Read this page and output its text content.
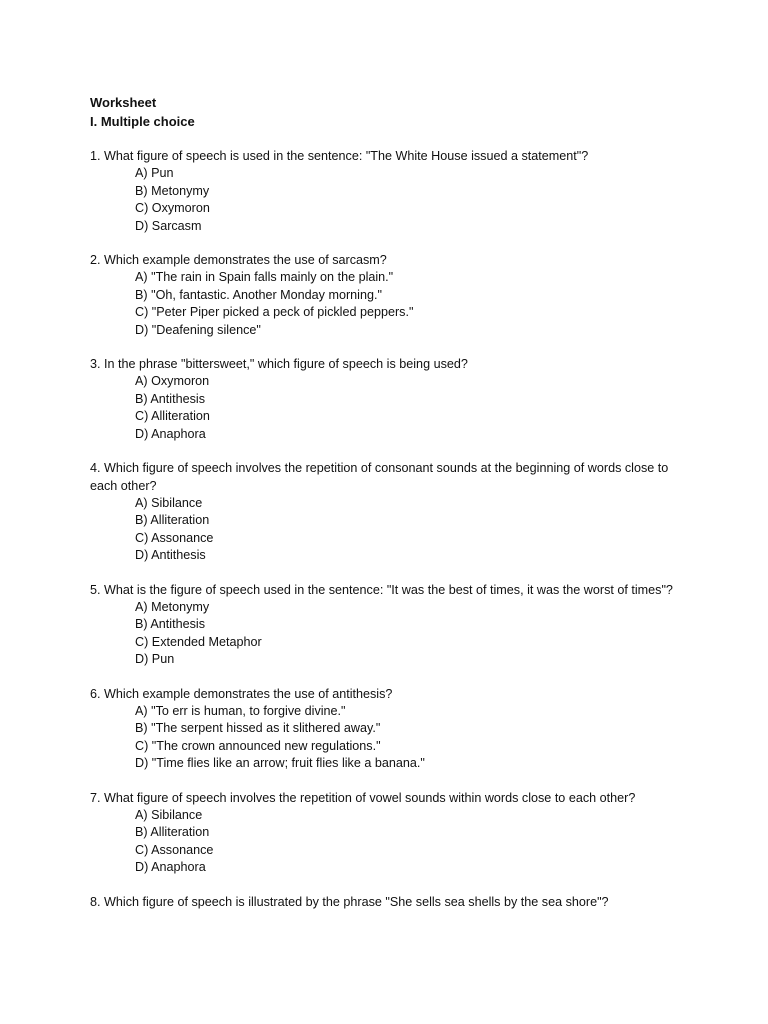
Worksheet

I. Multiple choice

1. What figure of speech is used in the sentence: "The White House issued a statement"?

A) Pun
B) Metonymy
C) Oxymoron
D) Sarcasm

2. Which example demonstrates the use of sarcasm?

A) "The rain in Spain falls mainly on the plain."
B) "Oh, fantastic. Another Monday morning."
C) "Peter Piper picked a peck of pickled peppers."
D) "Deafening silence"

3. In the phrase "bittersweet," which figure of speech is being used?

A) Oxymoron
B) Antithesis
C) Alliteration
D) Anaphora

4. Which figure of speech involves the repetition of consonant sounds at the beginning of words close to each other?

A) Sibilance
B) Alliteration
C) Assonance
D) Antithesis

5. What is the figure of speech used in the sentence: "It was the best of times, it was the worst of times"?

A) Metonymy
B) Antithesis
C) Extended Metaphor
D) Pun

6. Which example demonstrates the use of antithesis?

A) "To err is human, to forgive divine."
B) "The serpent hissed as it slithered away."
C) "The crown announced new regulations."
D) "Time flies like an arrow; fruit flies like a banana."

7. What figure of speech involves the repetition of vowel sounds within words close to each other?

A) Sibilance
B) Alliteration
C) Assonance
D) Anaphora

8. Which figure of speech is illustrated by the phrase "She sells sea shells by the sea shore"?
